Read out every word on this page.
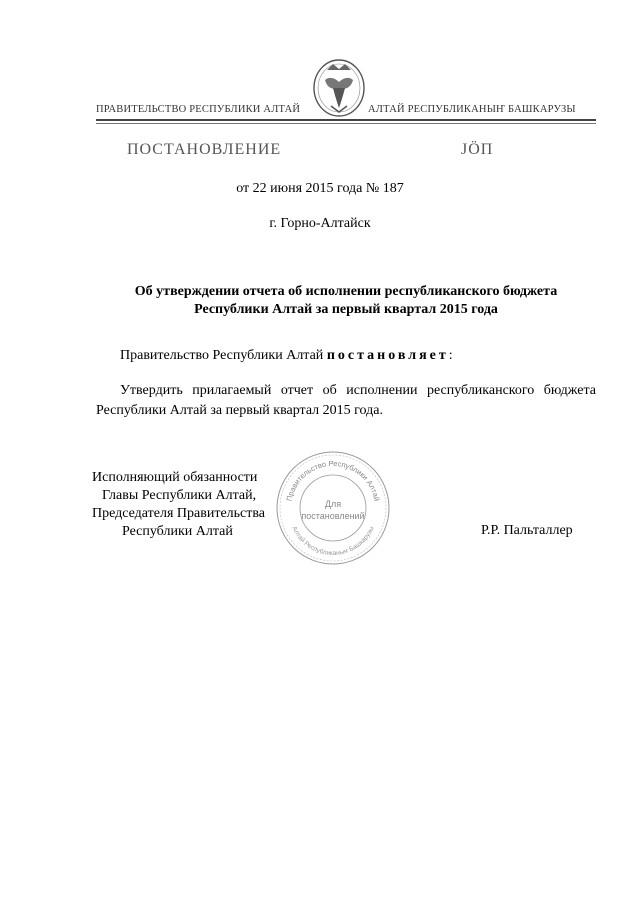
ПРАВИТЕЛЬСТВО РЕСПУБЛИКИ АЛТАЙ	АЛТАЙ РЕСПУБЛИКАНЫҤ БАШКАРУЗЫ
ПОСТАНОВЛЕНИЕ	JÖП
от 22 июня 2015 года № 187
г. Горно-Алтайск
Об утверждении отчета об исполнении республиканского бюджета Республики Алтай за первый квартал 2015 года
Правительство Республики Алтай постановляет:
Утвердить прилагаемый отчет об исполнении республиканского бюджета Республики Алтай за первый квартал 2015 года.
Исполняющий обязанности
Главы Республики Алтай,
Председателя Правительства
Республики Алтай	Р.Р. Пальталлер
Правительство Республики Алтай
Алтай Республиканыҥ Башкарузы
Для
постановлений
